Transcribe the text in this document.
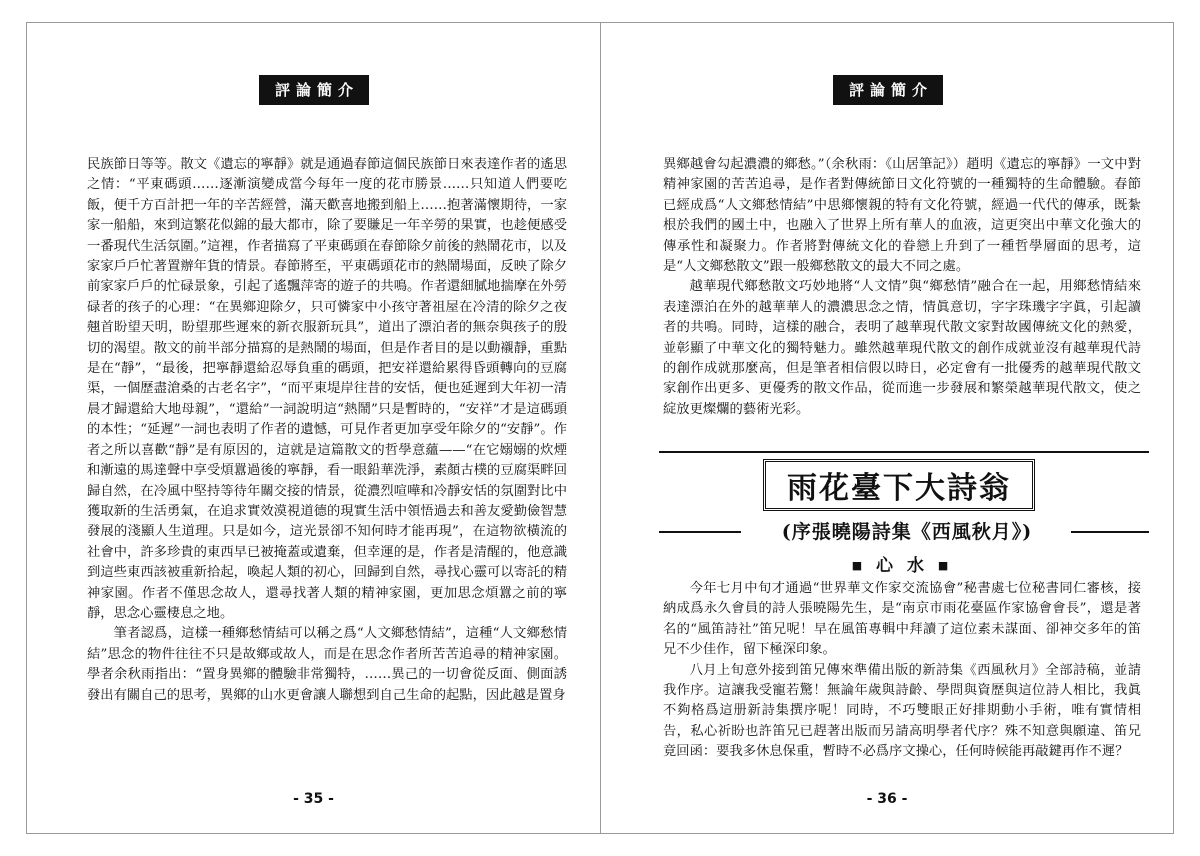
評論簡介

民族節日等等。散文《遺忘的寧靜》就是通過春節這個民族節日來表達作者的遙思之情：“平東碼頭……逐漸演變成當今每年一度的花市勝景……只知道人們要吃飯，便千方百計把一年的辛苦經營，滿天歡喜地搬到船上……抱著滿懷期待，一家家一船船，來到這繁花似錦的最大都市，除了要賺足一年辛勞的果實，也趁便感受一番現代生活氛圍。”這裡，作者描寫了平東碼頭在春節除夕前後的熱鬧花市，以及家家戶戶忙著置辦年貨的情景。春節將至，平東碼頭花市的熱鬧場面，反映了除夕前家家戶戶的忙碌景象，引起了遙飄萍寄的遊子的共鳴。作者還細膩地揣摩在外勞碌者的孩子的心理：“在異鄉迎除夕，只可憐家中小孩守著祖屋在冷清的除夕之夜翹首盼望天明，盼望那些遲來的新衣服新玩具”，道出了漂泊者的無奈與孩子的殷切的渴望。散文的前半部分描寫的是熱鬧的場面，但是作者目的是以動襯靜，重點是在“靜”，“最後，把寧靜還給忍辱負重的碼頭，把安祥還給累得昏頭轉向的豆腐渠，一個歷盡滄桑的古老名字”，“而平東堤岸往昔的安恬，便也延遲到大年初一清晨才歸還給大地母親”，“還給”一詞說明這“熱鬧”只是暫時的，“安祥”才是這碼頭的本性；“延遲”一詞也表明了作者的遺憾，可見作者更加享受年除夕的“安靜”。作者之所以喜歡“靜”是有原因的，這就是這篇散文的哲學意蘊——“在它嫋嫋的炊煙和漸遠的馬達聲中享受煩囂過後的寧靜，看一眼鉛華洗淨，素顏古樸的豆腐渠畔回歸自然，在冷風中堅持等待年關交接的情景，從濃烈喧嘩和冷靜安恬的氛圍對比中獲取新的生活勇氣，在追求實效漠視道德的現實生活中領悟過去和善友愛勤儉智慧發展的淺顯人生道理。只是如今，這光景卻不知何時才能再現”，在這物欲橫流的社會中，許多珍貴的東西早已被掩蓋或遺棄，但幸運的是，作者是清醒的，他意識到這些東西該被重新拾起，喚起人類的初心，回歸到自然，尋找心靈可以寄託的精神家園。作者不僅思念故人，還尋找著人類的精神家園，更加思念煩囂之前的寧靜，思念心靈棲息之地。

筆者認爲，這樣一種鄉愁情結可以稱之爲“人文鄉愁情結”，這種“人文鄉愁情結”思念的物件往往不只是故鄉或故人，而是在思念作者所苦苦追尋的精神家園。學者余秋雨指出：“置身異鄉的體驗非常獨特，……異己的一切會從反面、側面誘發出有關自己的思考，異鄉的山水更會讓人聯想到自己生命的起點，因此越是置身

- 35 -
評論簡介

異鄉越會勾起濃濃的鄉愁。”（余秋雨：《山居筆記》）趙明《遺忘的寧靜》一文中對精神家園的苦苦追尋，是作者對傳統節日文化符號的一種獨特的生命體驗。春節已經成爲“人文鄉愁情結”中思鄉懷親的特有文化符號，經過一代代的傳承，既紮根於我們的國土中，也融入了世界上所有華人的血液，這更突出中華文化強大的傳承性和凝聚力。作者將對傳統文化的眷戀上升到了一種哲學層面的思考，這是“人文鄉愁散文”跟一般鄉愁散文的最大不同之處。

越華現代鄉愁散文巧妙地將“人文情”與“鄉愁情”融合在一起，用鄉愁情結來表達漂泊在外的越華華人的濃濃思念之情，情眞意切，字字珠璣字字眞，引起讀者的共鳴。同時，這樣的融合，表明了越華現代散文家對故國傳統文化的熱愛，並彰顯了中華文化的獨特魅力。雖然越華現代散文的創作成就並沒有越華現代詩的創作成就那麼高，但是筆者相信假以時日，必定會有一批優秀的越華現代散文家創作出更多、更優秀的散文作品，從而進一步發展和繁榮越華現代散文，使之綻放更燦爛的藝術光彩。

雨花臺下大詩翁
(序張曉陽詩集《西風秋月》)
■ 心 水 ■

今年七月中旬才通過“世界華文作家交流協會”秘書處七位秘書同仁審核，接納成爲永久會員的詩人張曉陽先生，是“南京市雨花臺區作家協會會長”，還是著名的“風笛詩社”笛兄呢！早在風笛專輯中拜讀了這位素未謀面、卻神交多年的笛兄不少佳作，留下極深印象。

八月上旬意外接到笛兄傳來準備出版的新詩集《西風秋月》全部詩稿，並請我作序。這讓我受寵若驚！無論年歲與詩齡、學問與資歷與這位詩人相比，我眞不夠格爲這册新詩集撰序呢！同時，不巧雙眼正好排期動小手術，唯有實情相告，私心祈盼也許笛兄已趕著出版而另請高明學者代序？殊不知意與願違、笛兄竟回函：要我多休息保重，暫時不必爲序文操心，任何時候能再敲鍵再作不遲？

- 36 -
